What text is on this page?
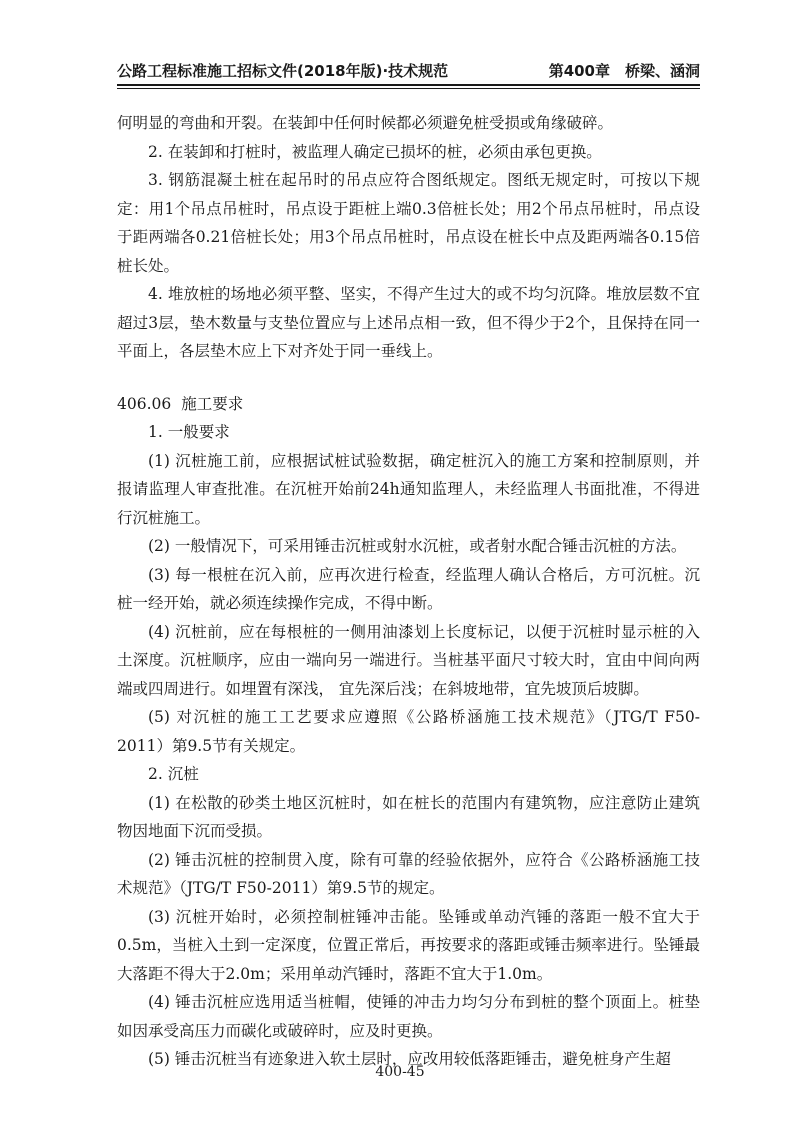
公路工程标准施工招标文件(2018年版)·技术规范	第400章　桥梁、涵洞

何明显的弯曲和开裂。在装卸中任何时候都必须避免桩受损或角缘破碎。

2. 在装卸和打桩时，被监理人确定已损坏的桩，必须由承包更换。

3. 钢筋混凝土桩在起吊时的吊点应符合图纸规定。图纸无规定时，可按以下规定：用1个吊点吊桩时，吊点设于距桩上端0.3倍桩长处；用2个吊点吊桩时，吊点设于距两端各0.21倍桩长处；用3个吊点吊桩时，吊点设在桩长中点及距两端各0.15倍桩长处。

4. 堆放桩的场地必须平整、坚实，不得产生过大的或不均匀沉降。堆放层数不宜超过3层，垫木数量与支垫位置应与上述吊点相一致，但不得少于2个，且保持在同一平面上，各层垫木应上下对齐处于同一垂线上。

406.06 施工要求

1. 一般要求

(1) 沉桩施工前，应根据试桩试验数据，确定桩沉入的施工方案和控制原则，并报请监理人审查批准。在沉桩开始前24h通知监理人，未经监理人书面批准，不得进行沉桩施工。

(2) 一般情况下，可采用锤击沉桩或射水沉桩，或者射水配合锤击沉桩的方法。

(3) 每一根桩在沉入前，应再次进行检查，经监理人确认合格后，方可沉桩。沉桩一经开始，就必须连续操作完成，不得中断。

(4) 沉桩前，应在每根桩的一侧用油漆划上长度标记，以便于沉桩时显示桩的入土深度。沉桩顺序，应由一端向另一端进行。当桩基平面尺寸较大时，宜由中间向两端或四周进行。如埋置有深浅， 宜先深后浅；在斜坡地带，宜先坡顶后坡脚。

(5) 对沉桩的施工工艺要求应遵照《公路桥涵施工技术规范》（JTG/T F50-2011）第9.5节有关规定。

2. 沉桩

(1) 在松散的砂类土地区沉桩时，如在桩长的范围内有建筑物，应注意防止建筑物因地面下沉而受损。

(2) 锤击沉桩的控制贯入度，除有可靠的经验依据外，应符合《公路桥涵施工技术规范》（JTG/T F50-2011）第9.5节的规定。

(3) 沉桩开始时，必须控制桩锤冲击能。坠锤或单动汽锤的落距一般不宜大于0.5m，当桩入土到一定深度，位置正常后，再按要求的落距或锤击频率进行。坠锤最大落距不得大于2.0m；采用单动汽锤时，落距不宜大于1.0m。

(4) 锤击沉桩应选用适当桩帽，使锤的冲击力均匀分布到桩的整个顶面上。桩垫如因承受高压力而碳化或破碎时，应及时更换。

(5) 锤击沉桩当有迹象进入软土层时，应改用较低落距锤击，避免桩身产生超

400-45
